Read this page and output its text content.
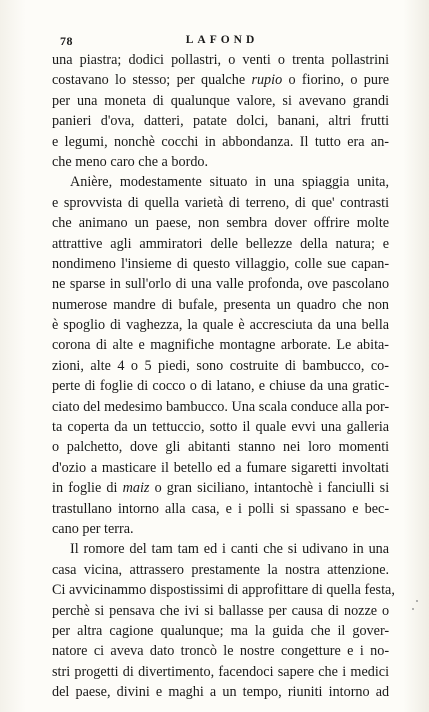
78	LAFOND
una piastra; dodici pollastri, o venti o trenta pollastrini
costavano lo stesso; per qualche rupio o fiorino, o pure
per una moneta di qualunque valore, si avevano grandi
panieri d'ova, datteri, patate dolci, banani, altri frutti
e legumi, nonchè cocchi in abbondanza. Il tutto era an-
che meno caro che a bordo.
Anière, modestamente situato in una spiaggia unita,
e sprovvista di quella varietà di terreno, di que' contrasti
che animano un paese, non sembra dover offrire molte
attrattive agli ammiratori delle bellezze della natura; e
nondimeno l'insieme di questo villaggio, colle sue capan-
ne sparse in sull'orlo di una valle profonda, ove pascolano
numerose mandre di bufale, presenta un quadro che non
è spoglio di vaghezza, la quale è accresciuta da una bella
corona di alte e magnifiche montagne arborate. Le abita-
zioni, alte 4 o 5 piedi, sono costruite di bambucco, co-
perte di foglie di cocco o di latano, e chiuse da una gratic-
ciato del medesimo bambucco. Una scala conduce alla por-
ta coperta da un tettuccio, sotto il quale evvi una galleria
o palchetto, dove gli abitanti stanno nei loro momenti
d'ozio a masticare il betello ed a fumare sigaretti involtati
in foglie di maiz o gran siciliano, intantochè i fanciulli si
trastullano intorno alla casa, e i polli si spassano e bec-
cano per terra.
Il romore del tam tam ed i canti che si udivano in una
casa vicina, attrassero prestamente la nostra attenzione.
Ci avvicinammo dispostissimi di approfittare di quella festa,
perchè si pensava che ivi si ballasse per causa di nozze o
per altra cagione qualunque; ma la guida che il gover-
natore ci aveva dato troncò le nostre congetture e i no-
stri progetti di divertimento, facendoci sapere che i medici
del paese, divini e maghi a un tempo, riuniti intorno ad
